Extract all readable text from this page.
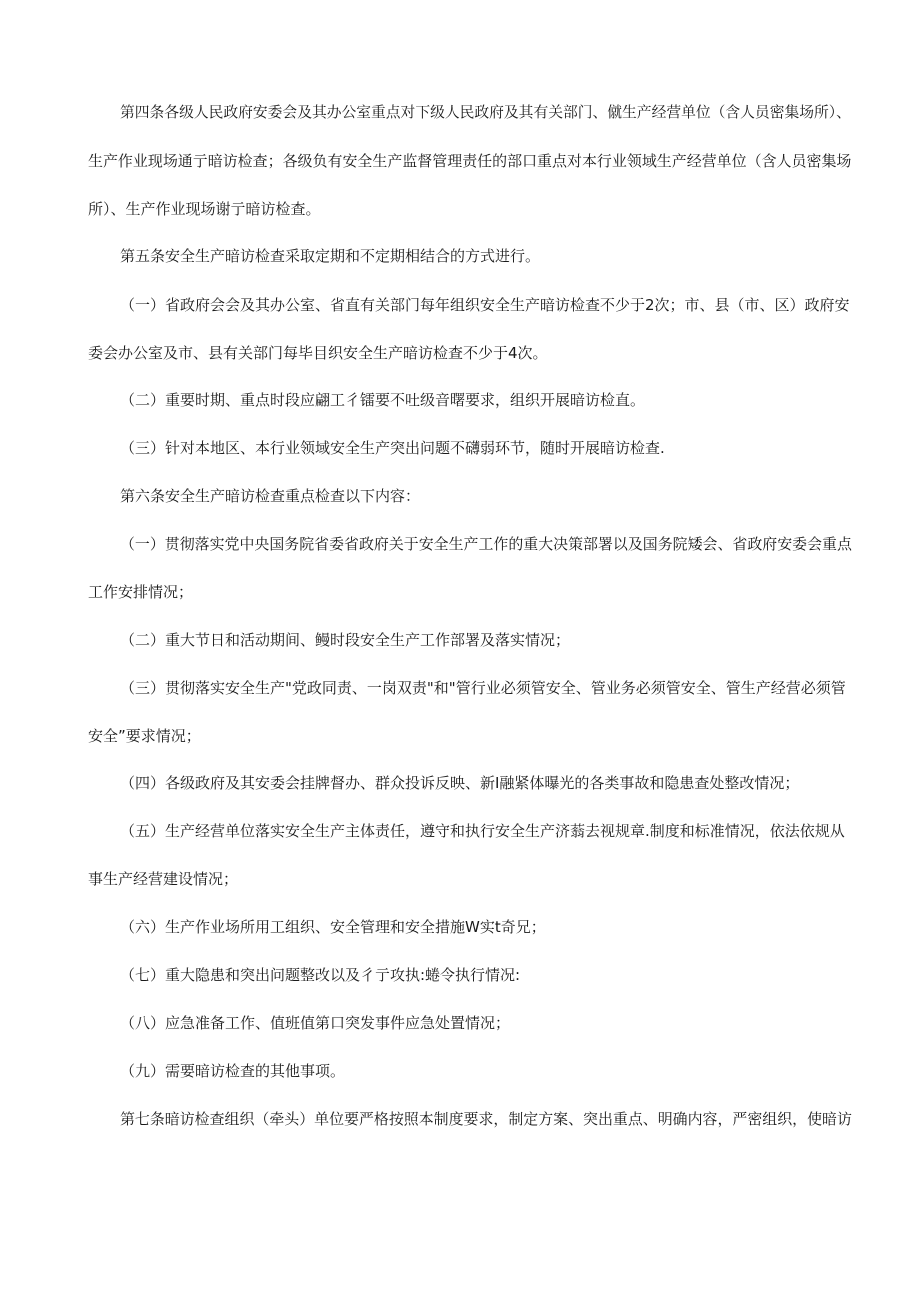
第四条各级人民政府安委会及其办公室重点对下级人民政府及其有关部门、僦生产经营单位（含人员密集场所）、
生产作业现场通亍暗访检查；各级负有安全生产监督管理责任的部口重点对本行业领域生产经营单位（含人员密集场
所）、生产作业现场谢亍暗访检查。
第五条安全生产暗访检查采取定期和不定期相结合的方式进行。
（一）省政府会会及其办公室、省直有关部门每年组织安全生产暗访检查不少于2次；市、县（市、区）政府安
委会办公室及市、县有关部门每毕目织安全生产暗访检查不少于4次。
（二）重要时期、重点时段应翩工彳镭要不吐级音曙要求，组织开展暗访检直。
（三）针对本地区、本行业领域安全生产突出问题不礴弱环节，随时开展暗访检查.
第六条安全生产暗访检查重点检查以下内容：
（一）贯彻落实党中央国务院省委省政府关于安全生产工作的重大决策部署以及国务院矮会、省政府安委会重点
工作安排情况；
（二）重大节日和活动期间、鳗时段安全生产工作部署及落实情况；
（三）贯彻落实安全生产"党政同责、一岗双责"和"管行业必须管安全、管业务必须管安全、管生产经营必须管
安全”要求情况；
（四）各级政府及其安委会挂牌督办、群众投诉反映、新Ⅰ融紧体曝光的各类事故和隐患查处整改情况；
（五）生产经营单位落实安全生产主体责任，遵守和执行安全生产济蓊去视规章.制度和标准情况，依法依规从
事生产经营建设情况；
（六）生产作业场所用工组织、安全管理和安全措施W实t奇兄；
（七）重大隐患和突出问题整改以及彳亍攻执:蜷令执行情况:
（八）应急准备工作、值班值第口突发事件应急处置情况；
（九）需要暗访检查的其他事项。
第七条暗访检查组织（牵头）单位要严格按照本制度要求，制定方案、突出重点、明确内容，严密组织，使暗访
